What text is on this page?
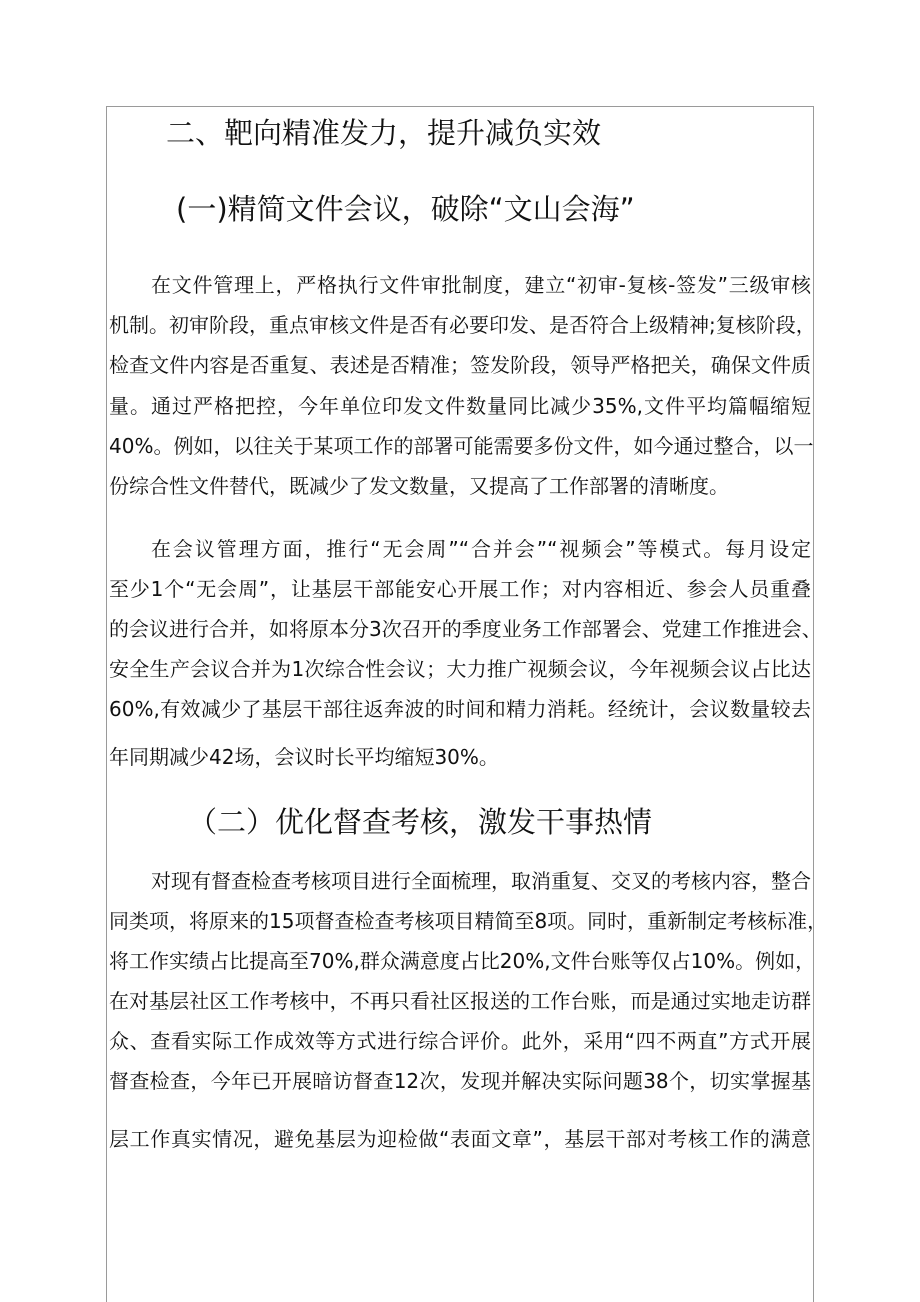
二、靶向精准发力，提升减负实效
(一)精简文件会议，破除“文山会海”
在文件管理上，严格执行文件审批制度，建立“初审-复核-签发”三级审核
机制。初审阶段，重点审核文件是否有必要印发、是否符合上级精神;复核阶段，
检查文件内容是否重复、表述是否精准；签发阶段，领导严格把关，确保文件质
量。通过严格把控，今年单位印发文件数量同比减少35%,文件平均篇幅缩短
40%。例如，以往关于某项工作的部署可能需要多份文件，如今通过整合，以一
份综合性文件替代，既减少了发文数量，又提高了工作部署的清晰度。
在会议管理方面，推行“无会周”“合并会”“视频会”等模式。每月设定
至少1个“无会周”，让基层干部能安心开展工作；对内容相近、参会人员重叠
的会议进行合并，如将原本分3次召开的季度业务工作部署会、党建工作推进会、
安全生产会议合并为1次综合性会议；大力推广视频会议，今年视频会议占比达
60%,有效减少了基层干部往返奔波的时间和精力消耗。经统计，会议数量较去
年同期减少42场，会议时长平均缩短30%。
（二）优化督查考核，激发干事热情
对现有督查检查考核项目进行全面梳理，取消重复、交叉的考核内容，整合
同类项，将原来的15项督查检查考核项目精简至8项。同时，重新制定考核标准，
将工作实绩占比提高至70%,群众满意度占比20%,文件台账等仅占10%。例如，
在对基层社区工作考核中，不再只看社区报送的工作台账，而是通过实地走访群
众、查看实际工作成效等方式进行综合评价。此外，采用“四不两直”方式开展
督查检查，今年已开展暗访督查12次，发现并解决实际问题38个，切实掌握基
层工作真实情况，避免基层为迎检做“表面文章”，基层干部对考核工作的满意
